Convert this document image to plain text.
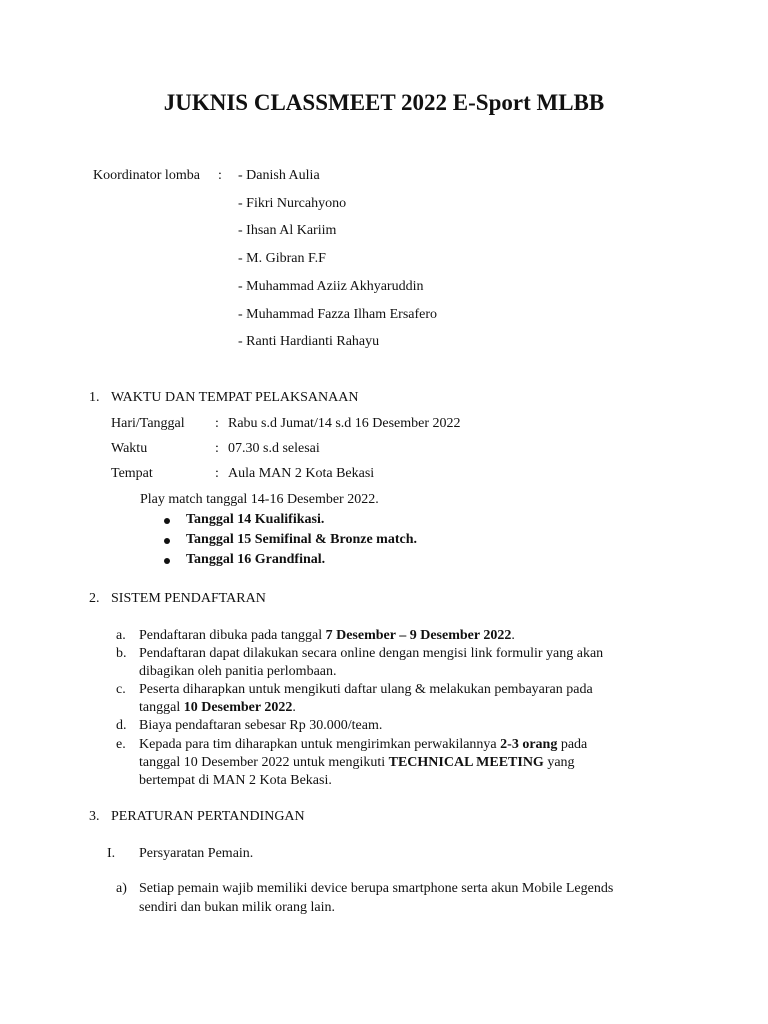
JUKNIS CLASSMEET 2022 E-Sport MLBB
Koordinator lomba : - Danish Aulia
- Fikri Nurcahyono
- Ihsan Al Kariim
- M. Gibran F.F
- Muhammad Aziiz Akhyaruddin
- Muhammad Fazza Ilham Ersafero
- Ranti Hardianti Rahayu
1. WAKTU DAN TEMPAT PELAKSANAAN
Hari/Tanggal : Rabu s.d Jumat/14 s.d 16 Desember 2022
Waktu	: 07.30 s.d selesai
Tempat	: Aula MAN 2 Kota Bekasi
Play match tanggal 14-16 Desember 2022.
Tanggal 14 Kualifikasi.
Tanggal 15 Semifinal & Bronze match.
Tanggal 16 Grandfinal.
2. SISTEM PENDAFTARAN
a. Pendaftaran dibuka pada tanggal 7 Desember – 9 Desember 2022.
b. Pendaftaran dapat dilakukan secara online dengan mengisi link formulir yang akan
dibagikan oleh panitia perlombaan.
c. Peserta diharapkan untuk mengikuti daftar ulang & melakukan pembayaran pada
tanggal 10 Desember 2022.
d. Biaya pendaftaran sebesar Rp 30.000/team.
e. Kepada para tim diharapkan untuk mengirimkan perwakilannya 2-3 orang pada
tanggal 10 Desember 2022 untuk mengikuti TECHNICAL MEETING yang
bertempat di MAN 2 Kota Bekasi.
3. PERATURAN PERTANDINGAN
I. Persyaratan Pemain.
a) Setiap pemain wajib memiliki device berupa smartphone serta akun Mobile Legends
sendiri dan bukan milik orang lain.
